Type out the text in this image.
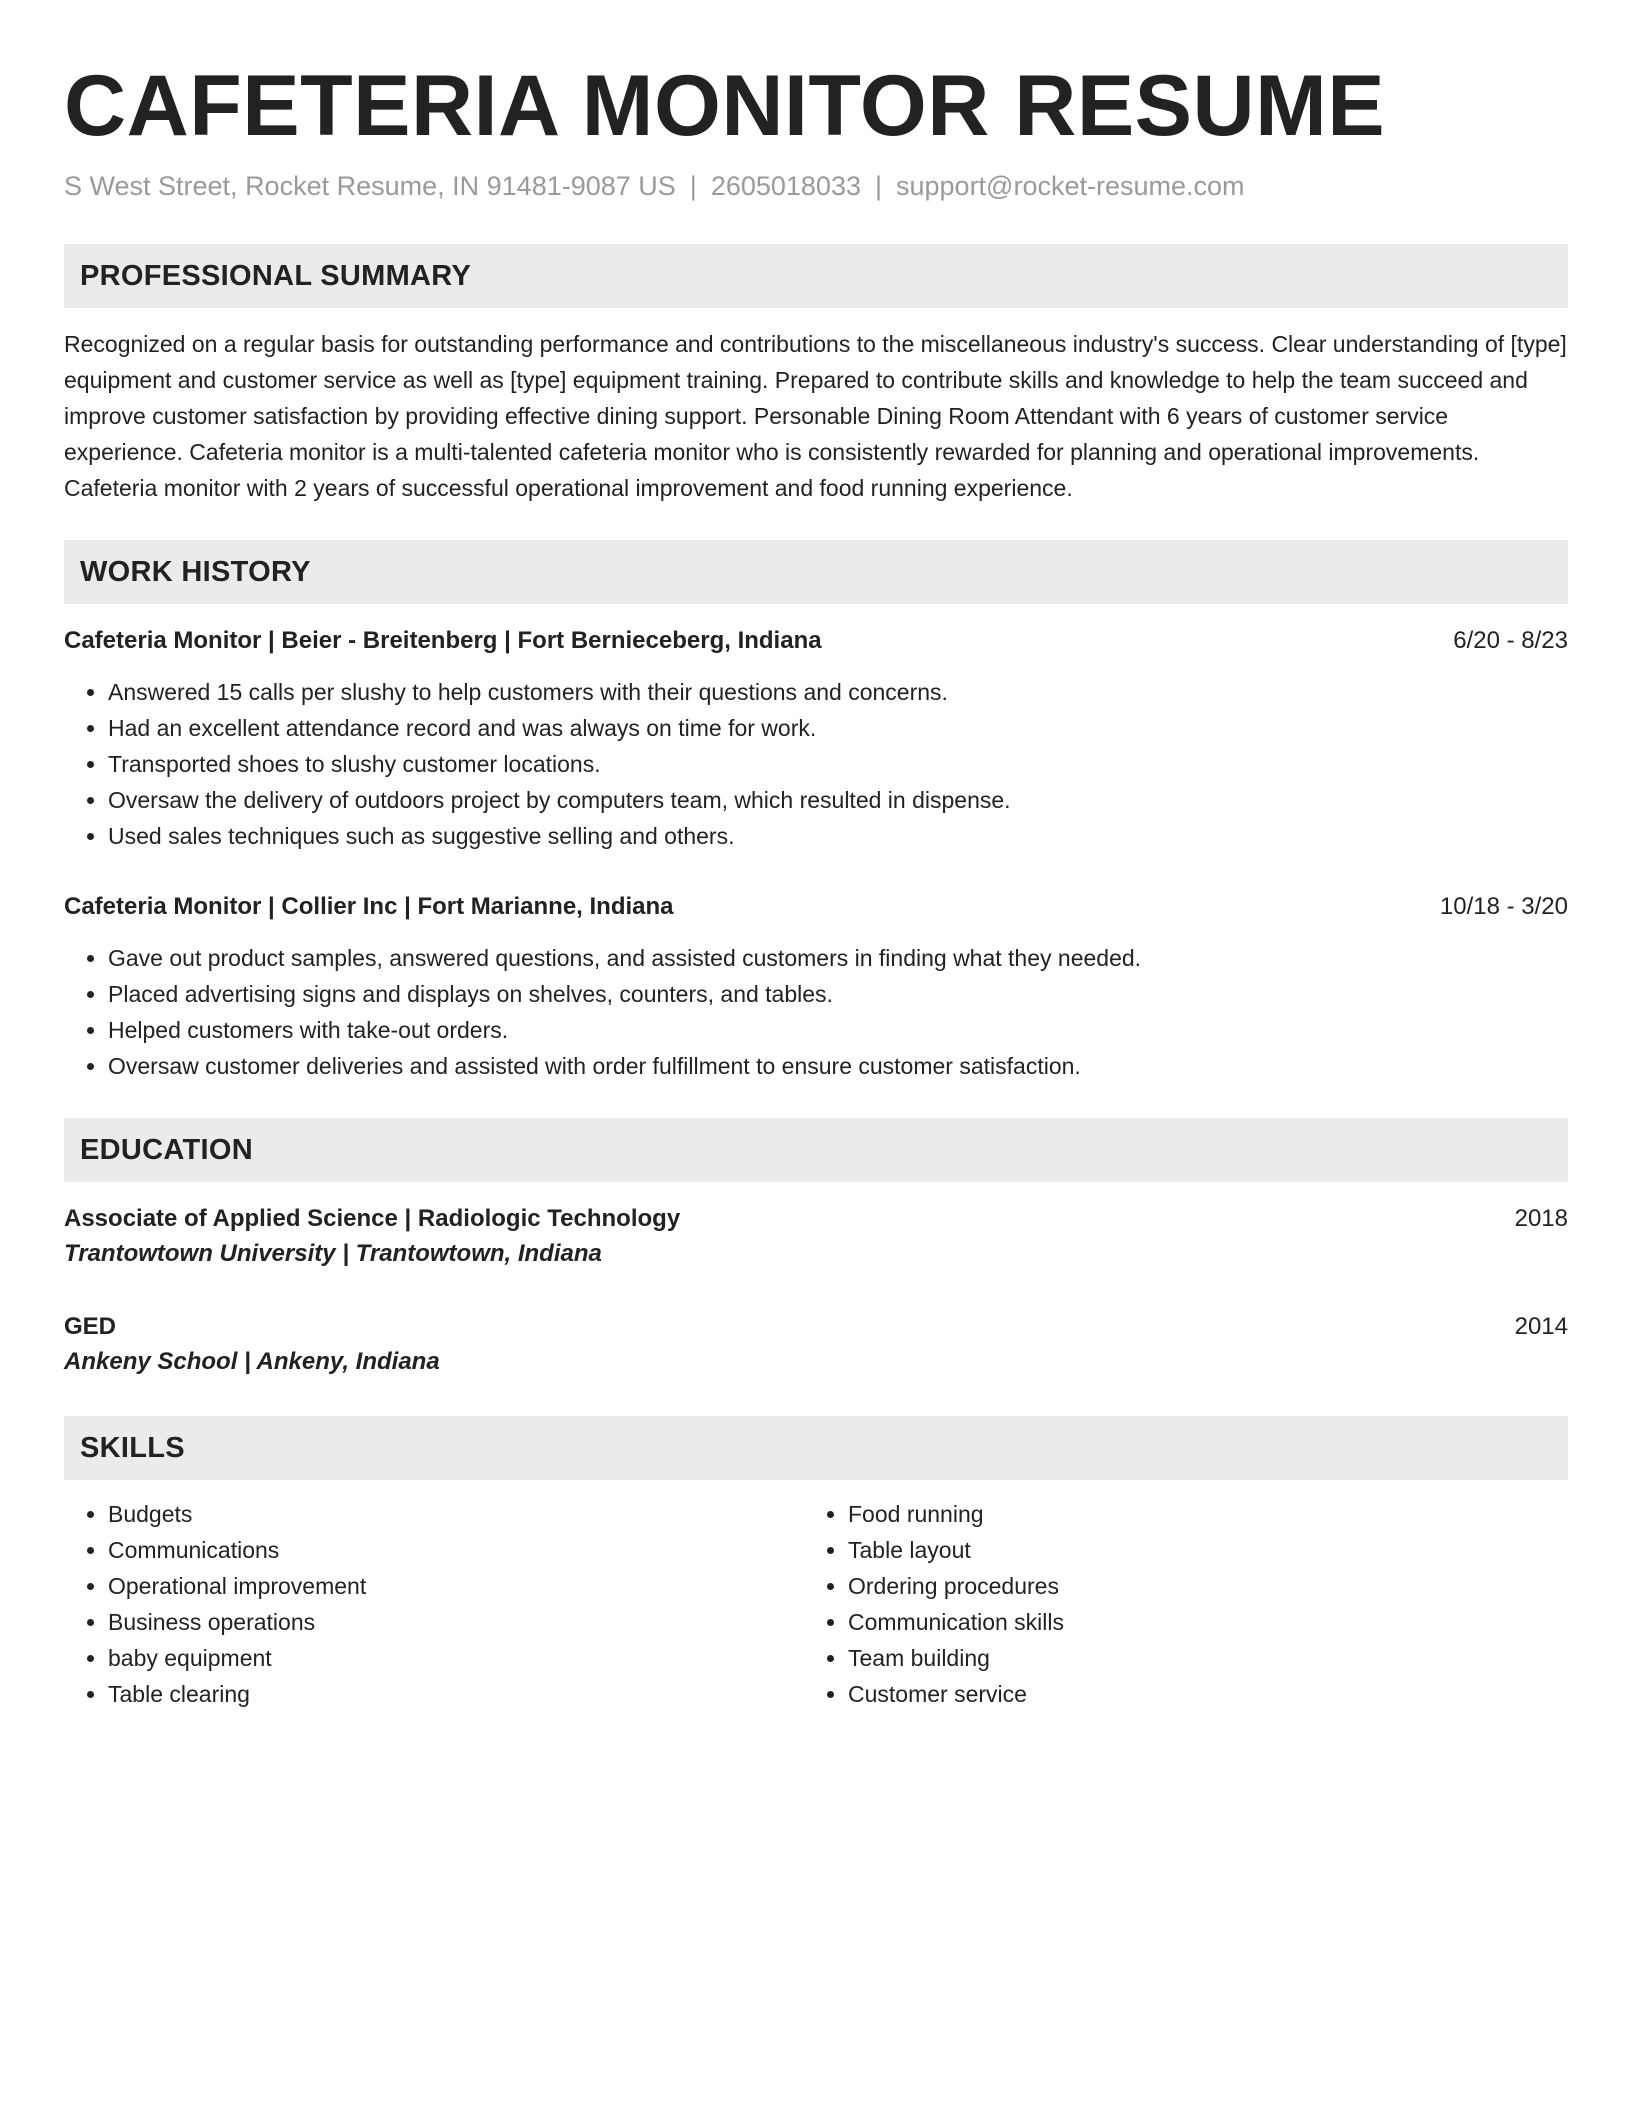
CAFETERIA MONITOR RESUME
S West Street, Rocket Resume, IN 91481-9087 US | 2605018033 | support@rocket-resume.com
PROFESSIONAL SUMMARY

Recognized on a regular basis for outstanding performance and contributions to the miscellaneous industry's success. Clear understanding of [type] equipment and customer service as well as [type] equipment training. Prepared to contribute skills and knowledge to help the team succeed and improve customer satisfaction by providing effective dining support. Personable Dining Room Attendant with 6 years of customer service experience. Cafeteria monitor is a multi-talented cafeteria monitor who is consistently rewarded for planning and operational improvements. Cafeteria monitor with 2 years of successful operational improvement and food running experience.

WORK HISTORY
Cafeteria Monitor | Beier - Breitenberg | Fort Bernieceberg, Indiana	6/20 - 8/23
• Answered 15 calls per slushy to help customers with their questions and concerns.
• Had an excellent attendance record and was always on time for work.
• Transported shoes to slushy customer locations.
• Oversaw the delivery of outdoors project by computers team, which resulted in dispense.
• Used sales techniques such as suggestive selling and others.
Cafeteria Monitor | Collier Inc | Fort Marianne, Indiana	10/18 - 3/20
• Gave out product samples, answered questions, and assisted customers in finding what they needed.
• Placed advertising signs and displays on shelves, counters, and tables.
• Helped customers with take-out orders.
• Oversaw customer deliveries and assisted with order fulfillment to ensure customer satisfaction.
EDUCATION
Associate of Applied Science | Radiologic Technology	2018
Trantowtown University | Trantowtown, Indiana
GED	2014
Ankeny School | Ankeny, Indiana
SKILLS
• Budgets
• Communications
• Operational improvement
• Business operations
• baby equipment
• Table clearing
• Food running
• Table layout
• Ordering procedures
• Communication skills
• Team building
• Customer service
